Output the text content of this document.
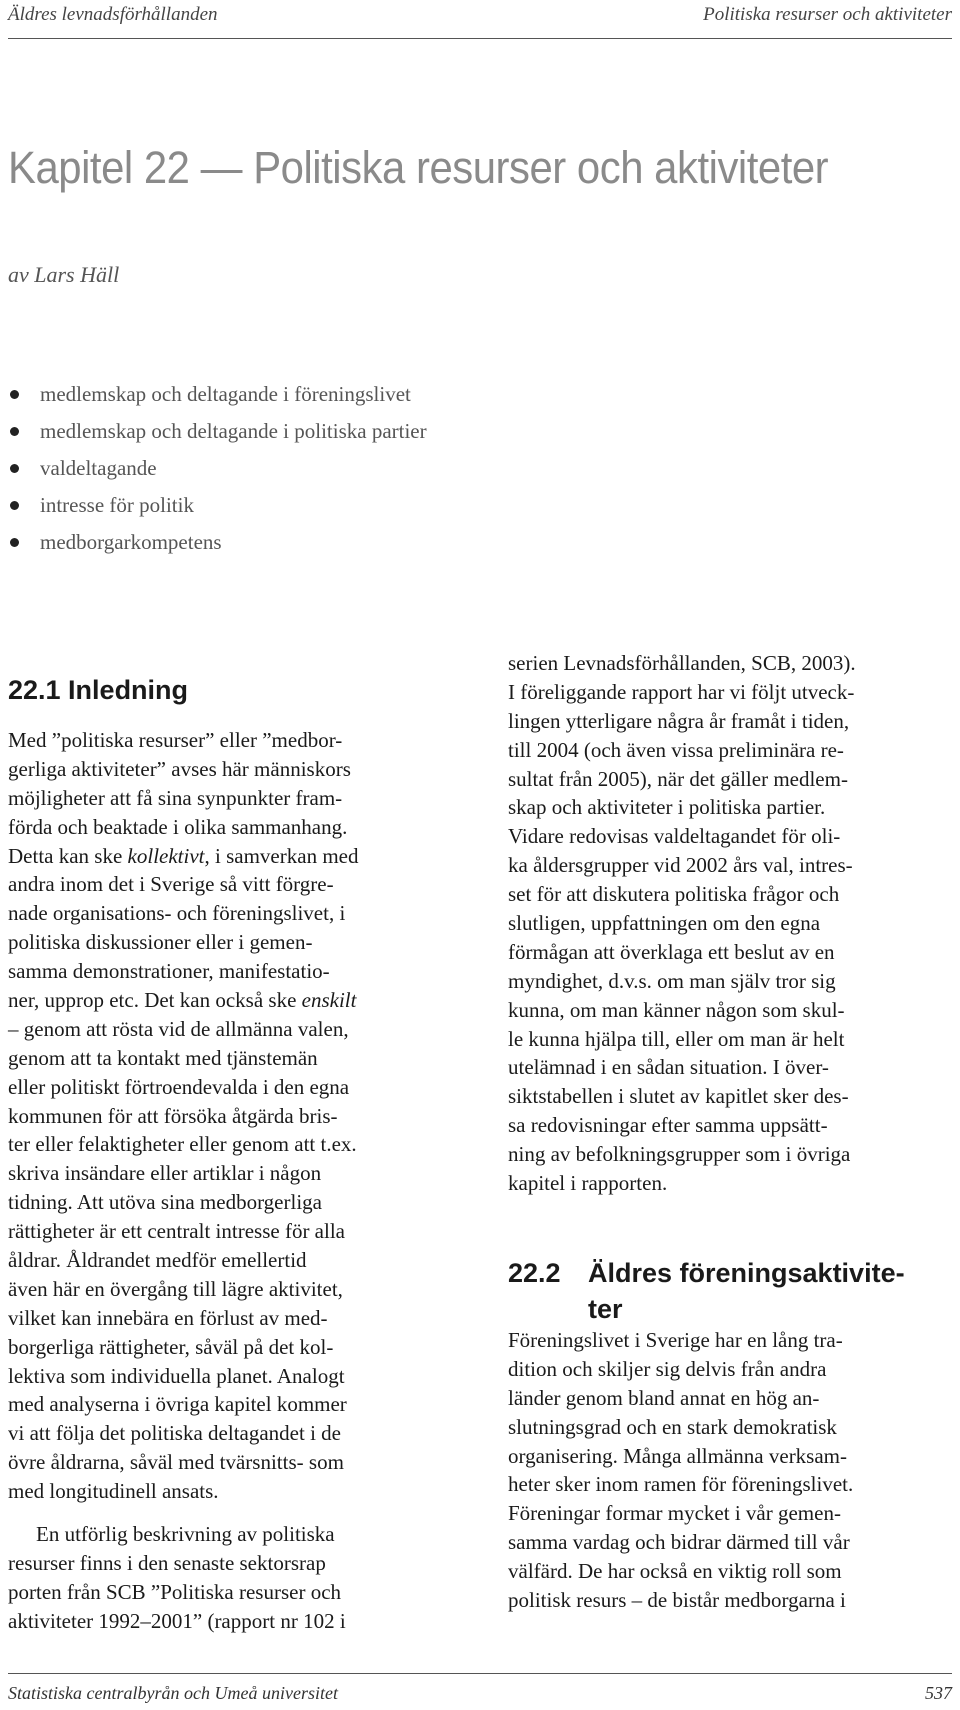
Äldres levnadsförhållanden	Politiska resurser och aktiviteter
Kapitel 22 — Politiska resurser och aktiviteter
av Lars Häll
medlemskap och deltagande i föreningslivet
medlemskap och deltagande i politiska partier
valdeltagande
intresse för politik
medborgarkompetens
22.1 Inledning
Med ”politiska resurser” eller ”medbor-
gerliga aktiviteter” avses här människors
möjligheter att få sina synpunkter fram-
förda och beaktade i olika sammanhang.
Detta kan ske kollektivt, i samverkan med
andra inom det i Sverige så vitt förgre-
nade organisations- och föreningslivet, i
politiska diskussioner eller i gemen-
samma demonstrationer, manifestatio-
ner, upprop etc. Det kan också ske enskilt
– genom att rösta vid de allmänna valen,
genom att ta kontakt med tjänstemän
eller politiskt förtroendevalda i den egna
kommunen för att försöka åtgärda bris-
ter eller felaktigheter eller genom att t.ex.
skriva insändare eller artiklar i någon
tidning. Att utöva sina medborgerliga
rättigheter är ett centralt intresse för alla
åldrar. Åldrandet medför emellertid
även här en övergång till lägre aktivitet,
vilket kan innebära en förlust av med-
borgerliga rättigheter, såväl på det kol-
lektiva som individuella planet. Analogt
med analyserna i övriga kapitel kommer
vi att följa det politiska deltagandet i de
övre åldrarna, såväl med tvärsnitts- som
med longitudinell ansats.
En utförlig beskrivning av politiska
resurser finns i den senaste sektorsrap
porten från SCB ”Politiska resurser och
aktiviteter 1992–2001” (rapport nr 102 i
serien Levnadsförhållanden, SCB, 2003).
I föreliggande rapport har vi följt utveck-
lingen ytterligare några år framåt i tiden,
till 2004 (och även vissa preliminära re-
sultat från 2005), när det gäller medlem-
skap och aktiviteter i politiska partier.
Vidare redovisas valdeltagandet för oli-
ka åldersgrupper vid 2002 års val, intres-
set för att diskutera politiska frågor och
slutligen, uppfattningen om den egna
förmågan att överklaga ett beslut av en
myndighet, d.v.s. om man själv tror sig
kunna, om man känner någon som skul-
le kunna hjälpa till, eller om man är helt
utelämnad i en sådan situation. I över-
siktstabellen i slutet av kapitlet sker des-
sa redovisningar efter samma uppsätt-
ning av befolkningsgrupper som i övriga
kapitel i rapporten.
22.2 Äldres föreningsaktivite-
ter
Föreningslivet i Sverige har en lång tra-
dition och skiljer sig delvis från andra
länder genom bland annat en hög an-
slutningsgrad och en stark demokratisk
organisering. Många allmänna verksam-
heter sker inom ramen för föreningslivet.
Föreningar formar mycket i vår gemen-
samma vardag och bidrar därmed till vår
välfärd. De har också en viktig roll som
politisk resurs – de bistår medborgarna i
Statistiska centralbyrån och Umeå universitet	537
